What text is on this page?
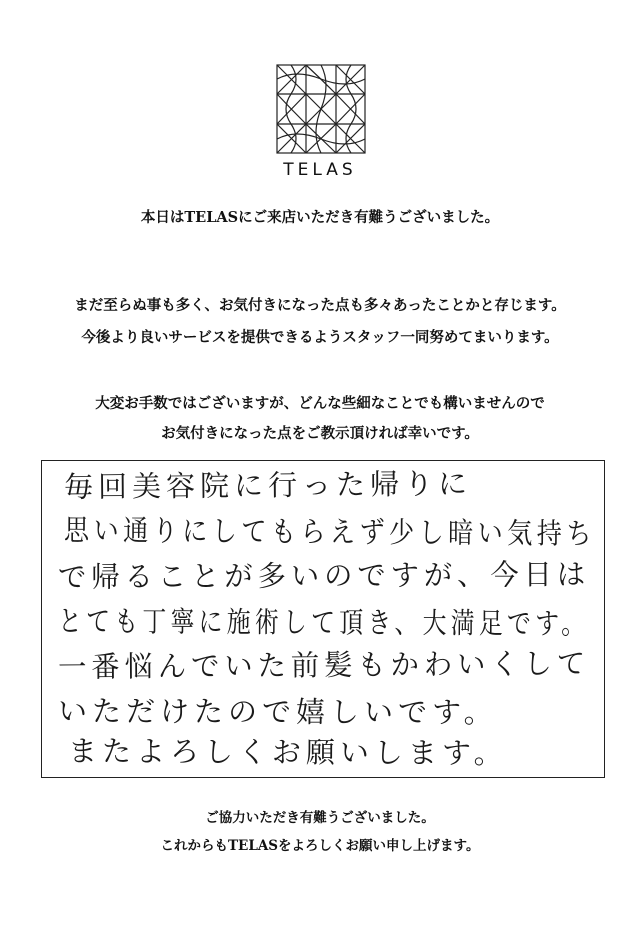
TELAS
本日はTELASにご来店いただき有難うございました。
まだ至らぬ事も多く、お気付きになった点も多々あったことかと存じます。
今後より良いサービスを提供できるようスタッフ一同努めてまいります。
大変お手数ではございますが、どんな些細なことでも構いませんので
お気付きになった点をご教示頂ければ幸いです。
毎回美容院に行った帰りに
思い通りにしてもらえず少し暗い気持ち
で帰ることが多いのですが、今日は
とても丁寧に施術して頂き、大満足です。
一番悩んでいた前髪もかわいくして
いただけたので嬉しいです。
またよろしくお願いします。
ご協力いただき有難うございました。
これからもTELASをよろしくお願い申し上げます。
